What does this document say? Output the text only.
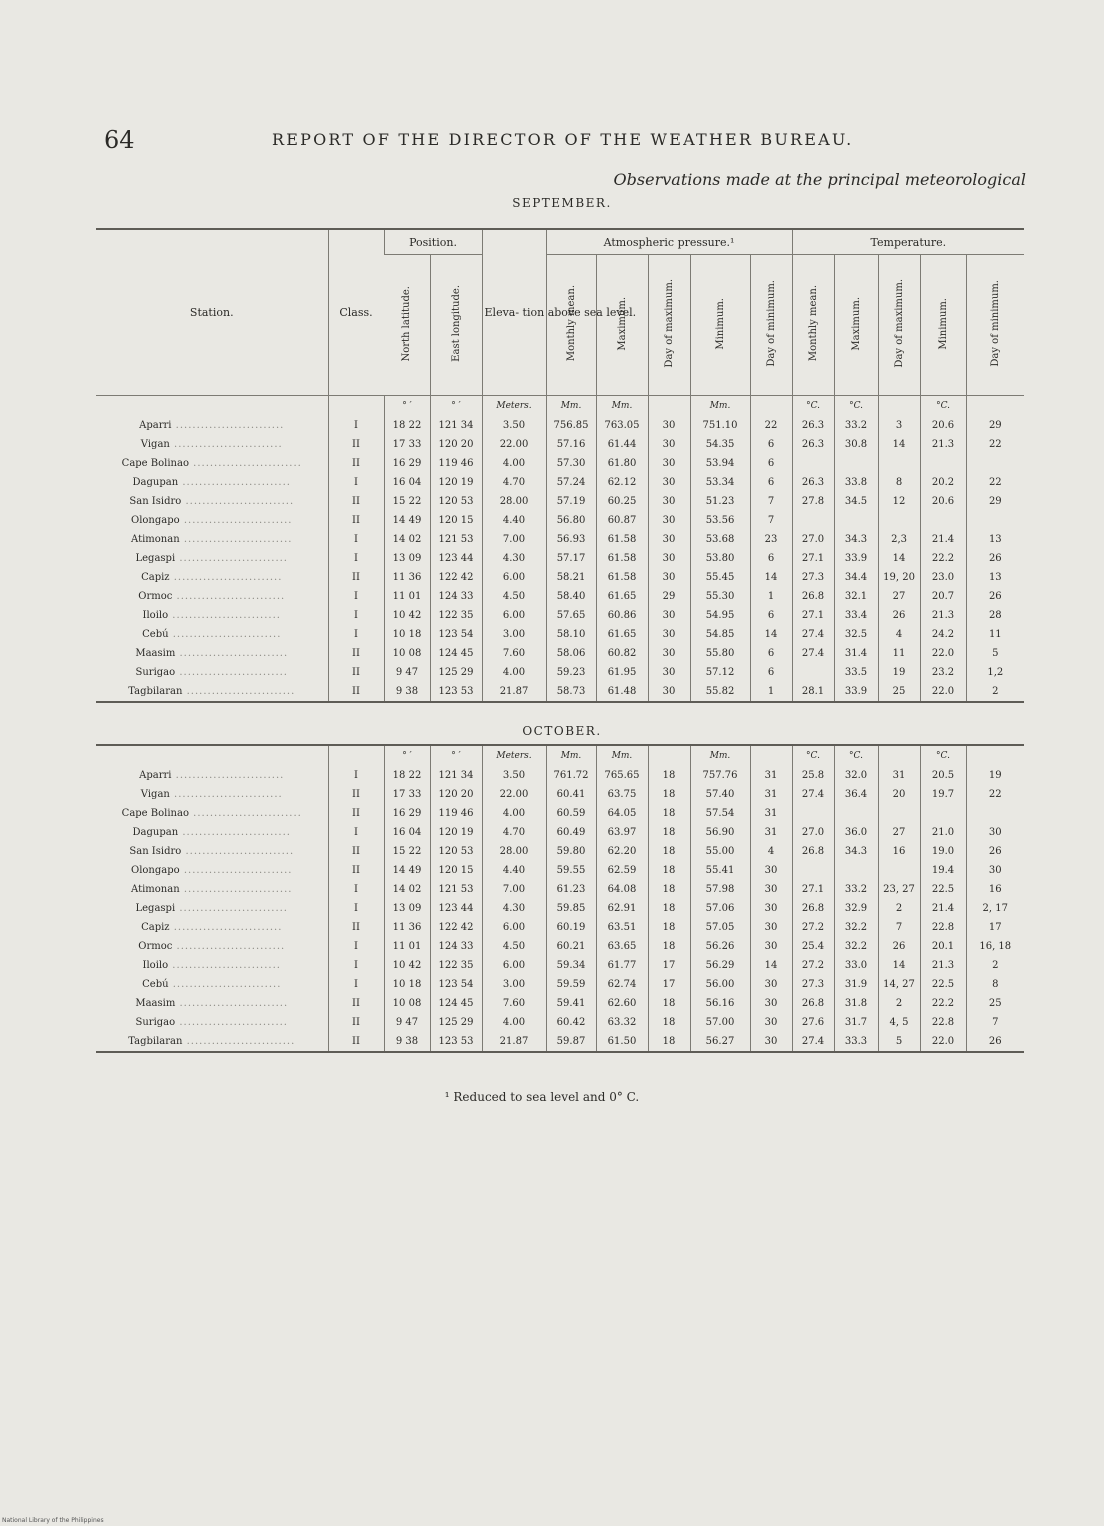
64	REPORT OF THE DIRECTOR OF THE WEATHER BUREAU.
Observations made at the principal meteorological
SEPTEMBER.
Station.	Class.	Position.		Eleva- tion above sea level.	Atmospheric pressure.¹					Temperature.				
		North latitude.	East longitude.		Monthly mean.	Maximum.	Day of maximum.	Minimum.	Day of minimum.	Monthly mean.	Maximum.	Day of maximum.	Minimum.	Day of minimum.
		° ′	° ′	Meters.	Mm.	Mm.		Mm.		°C.	°C.		°C.	
Aparri ..........................	I	18 22	121 34	3.50	756.85	763.05	30	751.10	22	26.3	33.2	3	20.6	29
Vigan ..........................	II	17 33	120 20	22.00	57.16	61.44	30	54.35	6	26.3	30.8	14	21.3	22
Cape Bolinao ..........................	II	16 29	119 46	4.00	57.30	61.80	30	53.94	6					
Dagupan ..........................	I	16 04	120 19	4.70	57.24	62.12	30	53.34	6	26.3	33.8	8	20.2	22
San Isidro ..........................	II	15 22	120 53	28.00	57.19	60.25	30	51.23	7	27.8	34.5	12	20.6	29
Olongapo ..........................	II	14 49	120 15	4.40	56.80	60.87	30	53.56	7					
Atimonan ..........................	I	14 02	121 53	7.00	56.93	61.58	30	53.68	23	27.0	34.3	2,3	21.4	13
Legaspi ..........................	I	13 09	123 44	4.30	57.17	61.58	30	53.80	6	27.1	33.9	14	22.2	26
Capiz ..........................	II	11 36	122 42	6.00	58.21	61.58	30	55.45	14	27.3	34.4	19, 20	23.0	13
Ormoc ..........................	I	11 01	124 33	4.50	58.40	61.65	29	55.30	1	26.8	32.1	27	20.7	26
Iloilo ..........................	I	10 42	122 35	6.00	57.65	60.86	30	54.95	6	27.1	33.4	26	21.3	28
Cebú ..........................	I	10 18	123 54	3.00	58.10	61.65	30	54.85	14	27.4	32.5	4	24.2	11
Maasim ..........................	II	10 08	124 45	7.60	58.06	60.82	30	55.80	6	27.4	31.4	11	22.0	5
Surigao ..........................	II	9 47	125 29	4.00	59.23	61.95	30	57.12	6		33.5	19	23.2	1,2
Tagbilaran ..........................	II	9 38	123 53	21.87	58.73	61.48	30	55.82	1	28.1	33.9	25	22.0	2
OCTOBER.
		° ′	° ′	Meters.	Mm.	Mm.		Mm.		°C.	°C.		°C.	
Aparri ..........................	I	18 22	121 34	3.50	761.72	765.65	18	757.76	31	25.8	32.0	31	20.5	19
Vigan ..........................	II	17 33	120 20	22.00	60.41	63.75	18	57.40	31	27.4	36.4	20	19.7	22
Cape Bolinao ..........................	II	16 29	119 46	4.00	60.59	64.05	18	57.54	31					
Dagupan ..........................	I	16 04	120 19	4.70	60.49	63.97	18	56.90	31	27.0	36.0	27	21.0	30
San Isidro ..........................	II	15 22	120 53	28.00	59.80	62.20	18	55.00	4	26.8	34.3	16	19.0	26
Olongapo ..........................	II	14 49	120 15	4.40	59.55	62.59	18	55.41	30				19.4	30
Atimonan ..........................	I	14 02	121 53	7.00	61.23	64.08	18	57.98	30	27.1	33.2	23, 27	22.5	16
Legaspi ..........................	I	13 09	123 44	4.30	59.85	62.91	18	57.06	30	26.8	32.9	2	21.4	2, 17
Capiz ..........................	II	11 36	122 42	6.00	60.19	63.51	18	57.05	30	27.2	32.2	7	22.8	17
Ormoc ..........................	I	11 01	124 33	4.50	60.21	63.65	18	56.26	30	25.4	32.2	26	20.1	16, 18
Iloilo ..........................	I	10 42	122 35	6.00	59.34	61.77	17	56.29	14	27.2	33.0	14	21.3	2
Cebú ..........................	I	10 18	123 54	3.00	59.59	62.74	17	56.00	30	27.3	31.9	14, 27	22.5	8
Maasim ..........................	II	10 08	124 45	7.60	59.41	62.60	18	56.16	30	26.8	31.8	2	22.2	25
Surigao ..........................	II	9 47	125 29	4.00	60.42	63.32	18	57.00	30	27.6	31.7	4, 5	22.8	7
Tagbilaran ..........................	II	9 38	123 53	21.87	59.87	61.50	18	56.27	30	27.4	33.3	5	22.0	26
¹ Reduced to sea level and 0° C.
National Library of the Philippines
